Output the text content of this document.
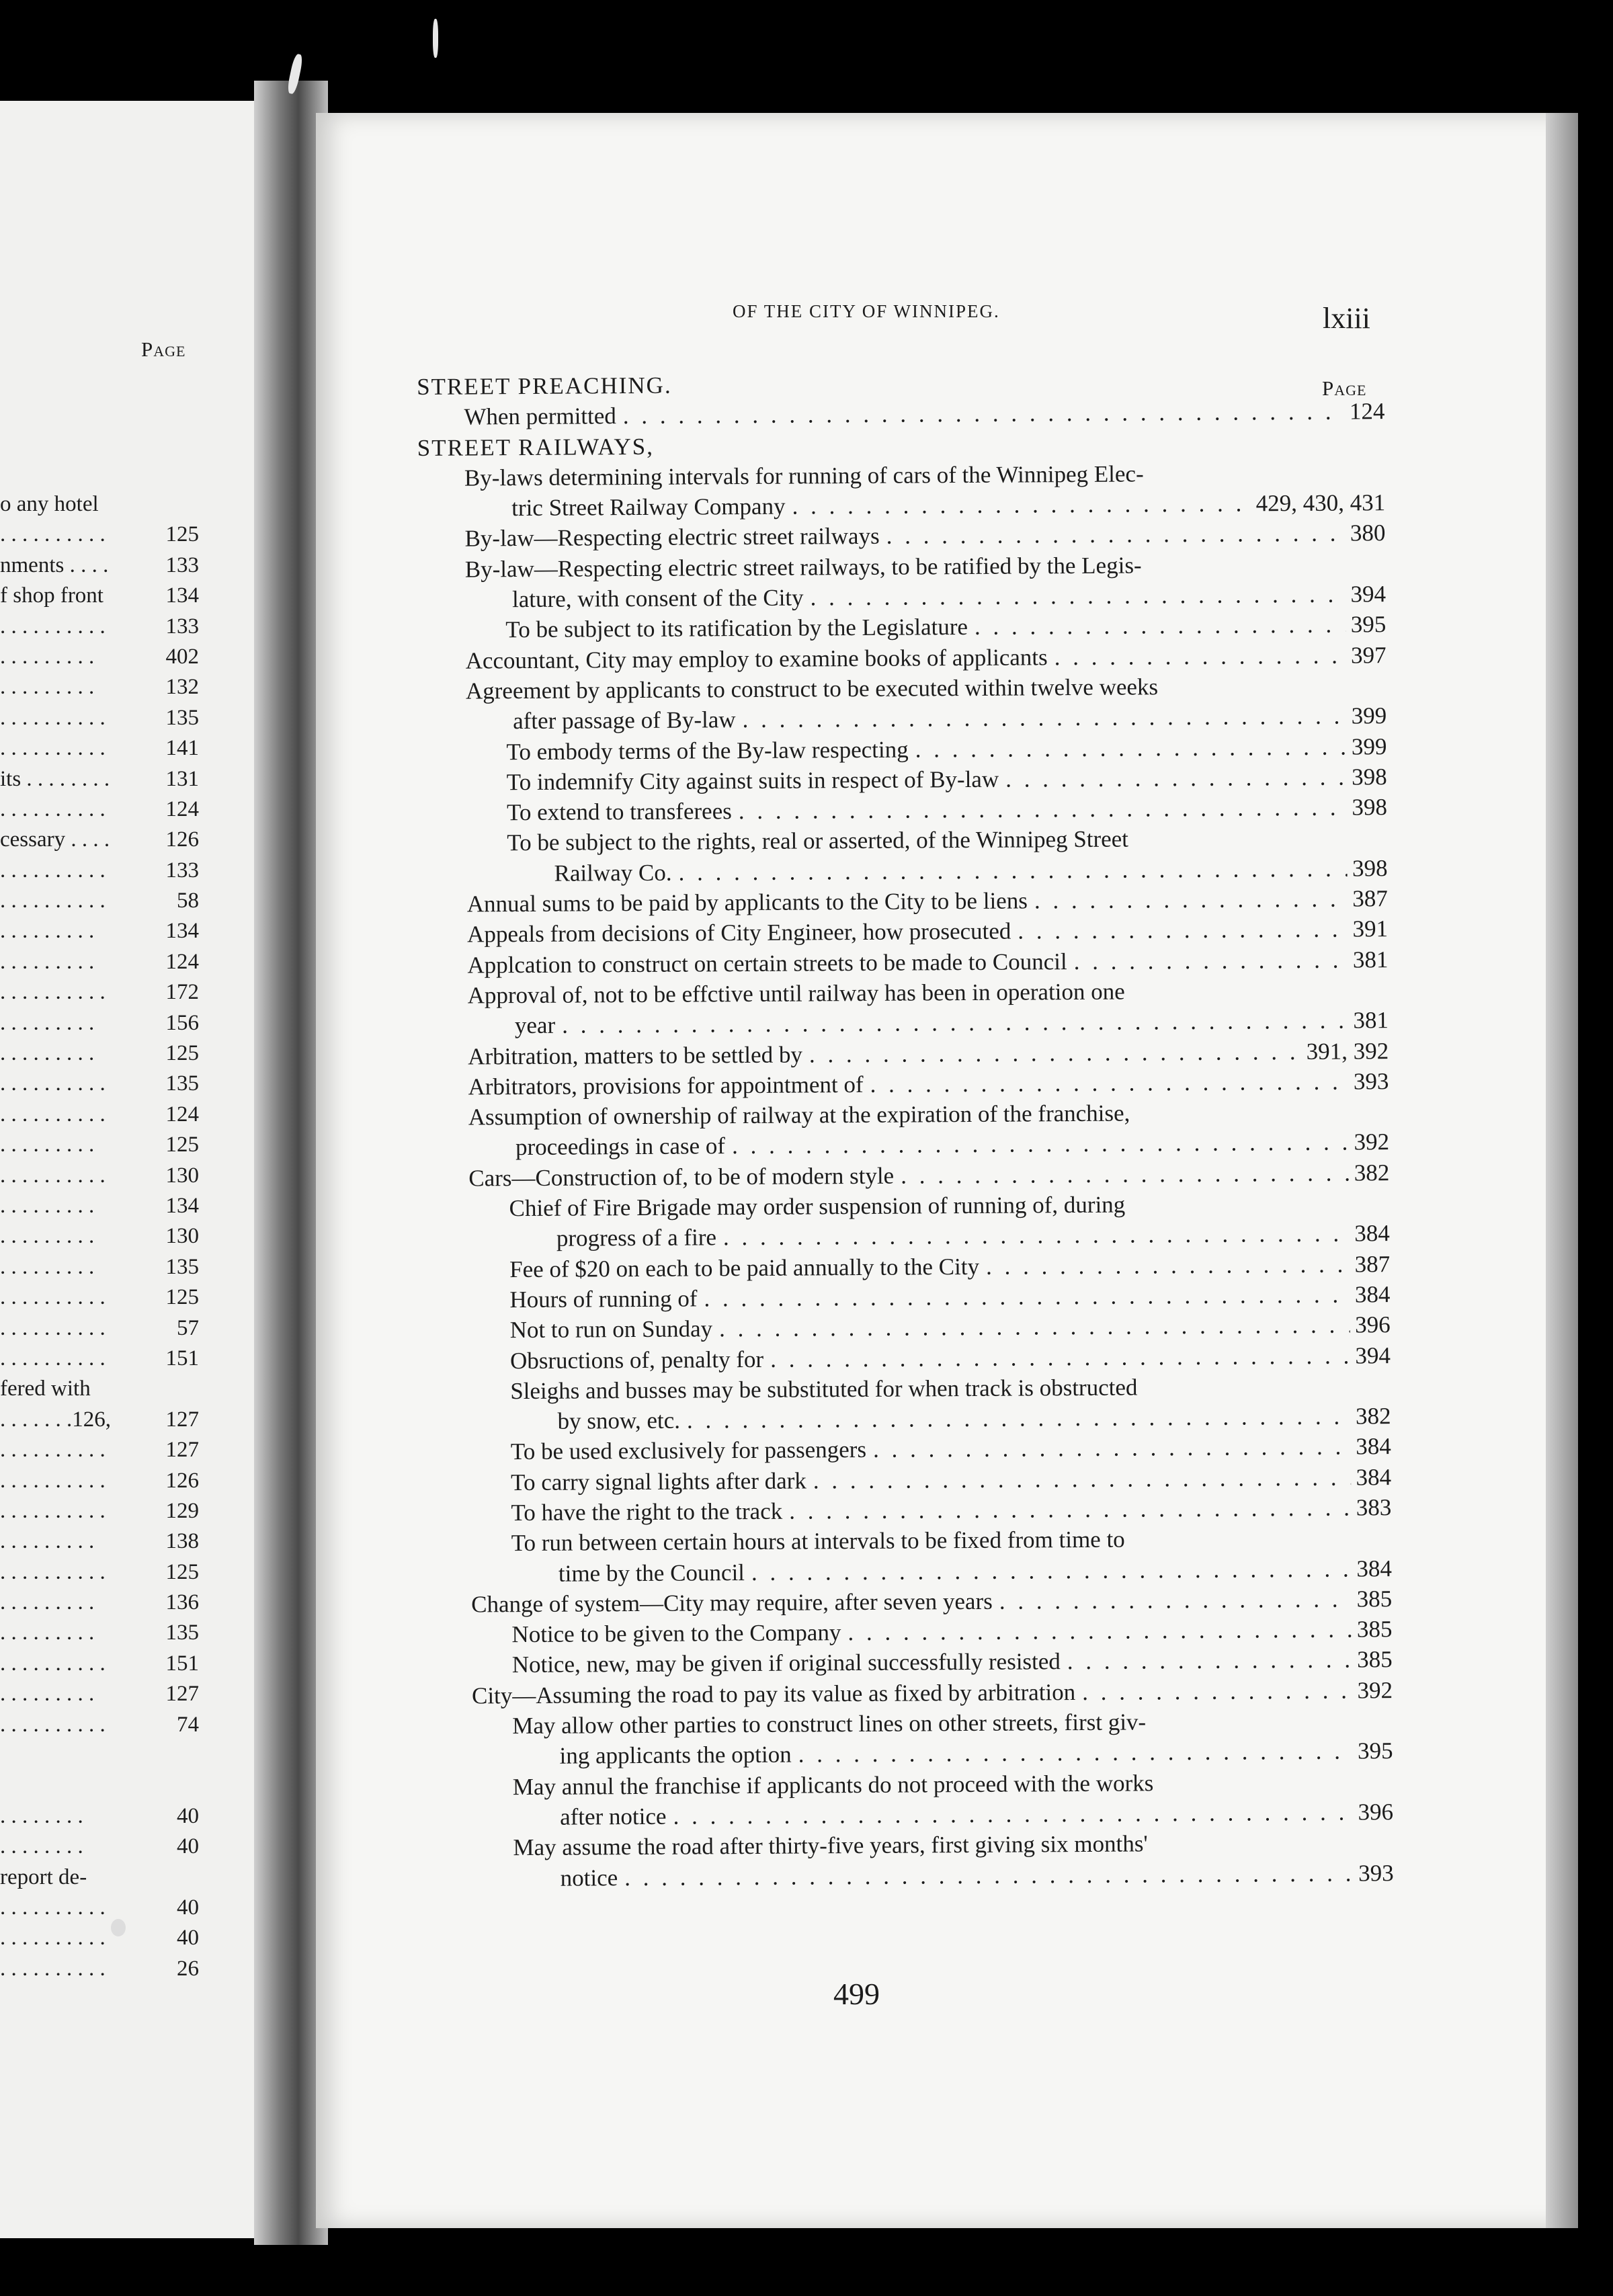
Page
o any hotel
. . . . . . . . . .	125
nments . . . .	133
f shop front	134
. . . . . . . . . .	133
. . . . . . . . .	402
. . . . . . . . .	132
. . . . . . . . . .	135
. . . . . . . . . .	141
its . . . . . . . .	131
. . . . . . . . . .	124
cessary . . . .	126
. . . . . . . . . .	133
. . . . . . . . . .	58
. . . . . . . . .	134
. . . . . . . . .	124
. . . . . . . . . .	172
. . . . . . . . .	156
. . . . . . . . .	125
. . . . . . . . . .	135
. . . . . . . . . .	124
. . . . . . . . .	125
. . . . . . . . . .	130
. . . . . . . . .	134
. . . . . . . . .	130
. . . . . . . . .	135
. . . . . . . . . .	125
. . . . . . . . . .	57
. . . . . . . . . .	151
fered with
. . . . . . .126, 127
. . . . . . . . . .	127
. . . . . . . . . .	126
. . . . . . . . . .	129
. . . . . . . . .	138
. . . . . . . . . .	125
. . . . . . . . .	136
. . . . . . . . .	135
. . . . . . . . . .	151
. . . . . . . . .	127
. . . . . . . . . .	74
. . . . . . . .	40
. . . . . . . .	40
report de-
. . . . . . . . . .	40
. . . . . . . . . .	40
. . . . . . . . . .	26
OF THE CITY OF WINNIPEG.	lxiii
Page
STREET PREACHING.
When permitted . . .	124
STREET RAILWAYS,
By-laws determining intervals for running of cars of the Winnipeg Elec-
tric Street Railway Company . . .	429, 430, 431
By-law—Respecting electric street railways . . .	380
By-law—Respecting electric street railways, to be ratified by the Legis-
lature, with consent of the City . . .	394
To be subject to its ratification by the Legislature . . .	395
Accountant, City may employ to examine books of applicants . . .	397
Agreement by applicants to construct to be executed within twelve weeks
after passage of By-law . . .	399
To embody terms of the By-law respecting . . .	399
To indemnify City against suits in respect of By-law . . .	398
To extend to transferees . . .	398
To be subject to the rights, real or asserted, of the Winnipeg Street
Railway Co. . . .	398
Annual sums to be paid by applicants to the City to be liens . . .	387
Appeals from decisions of City Engineer, how prosecuted . . .	391
Applcation to construct on certain streets to be made to Council . . .	381
Approval of, not to be effctive until railway has been in operation one
year . . .	381
Arbitration, matters to be settled by . . .	391, 392
Arbitrators, provisions for appointment of . . .	393
Assumption of ownership of railway at the expiration of the franchise,
proceedings in case of . . .	392
Cars—Construction of, to be of modern style . . .	382
Chief of Fire Brigade may order suspension of running of, during
progress of a fire . . .	384
Fee of $20 on each to be paid annually to the City . . .	387
Hours of running of . . .	384
Not to run on Sunday . . .	396
Obsructions of, penalty for . . .	394
Sleighs and busses may be substituted for when track is obstructed
by snow, etc. . . .	382
To be used exclusively for passengers . . .	384
To carry signal lights after dark . . .	384
To have the right to the track . . .	383
To run between certain hours at intervals to be fixed from time to
time by the Council . . .	384
Change of system—City may require, after seven years . . .	385
Notice to be given to the Company . . .	385
Notice, new, may be given if original successfully resisted . . .	385
City—Assuming the road to pay its value as fixed by arbitration . . .	392
May allow other parties to construct lines on other streets, first giv-
ing applicants the option . . .	395
May annul the franchise if applicants do not proceed with the works
after notice . . .	396
May assume the road after thirty-five years, first giving six months'
notice . . .	393
499
